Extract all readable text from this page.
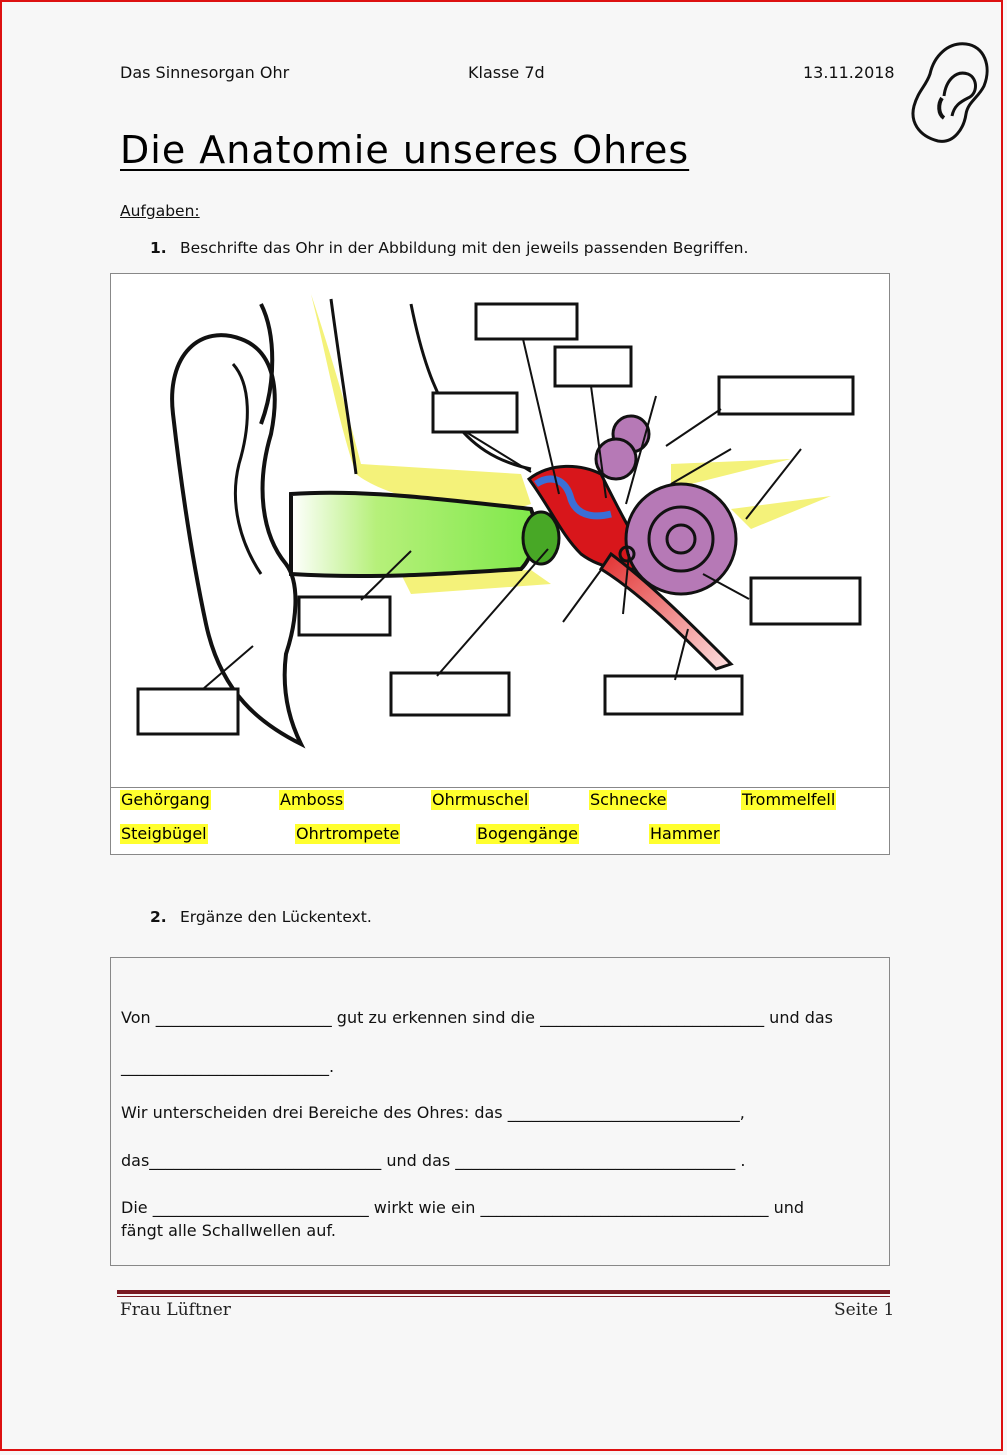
Das Sinnesorgan Ohr	Klasse 7d	13.11.2018
Die Anatomie unseres Ohres
Aufgaben:
1. Beschrifte das Ohr in der Abbildung mit den jeweils passenden Begriffen.
Gehörgang	Amboss	Ohrmuschel	Schnecke	Trommelfell
Steigbügel	Ohrtrompete	Bogengänge	Hammer
2. Ergänze den Lückentext.
Von ______________________ gut zu erkennen sind die ____________________________ und das
__________________________.
Wir unterscheiden drei Bereiche des Ohres: das _____________________________,
das_____________________________ und das ___________________________________ .
Die ___________________________ wirkt wie ein ____________________________________ und
fängt alle Schallwellen auf.
Frau Lüftner	Seite 1
